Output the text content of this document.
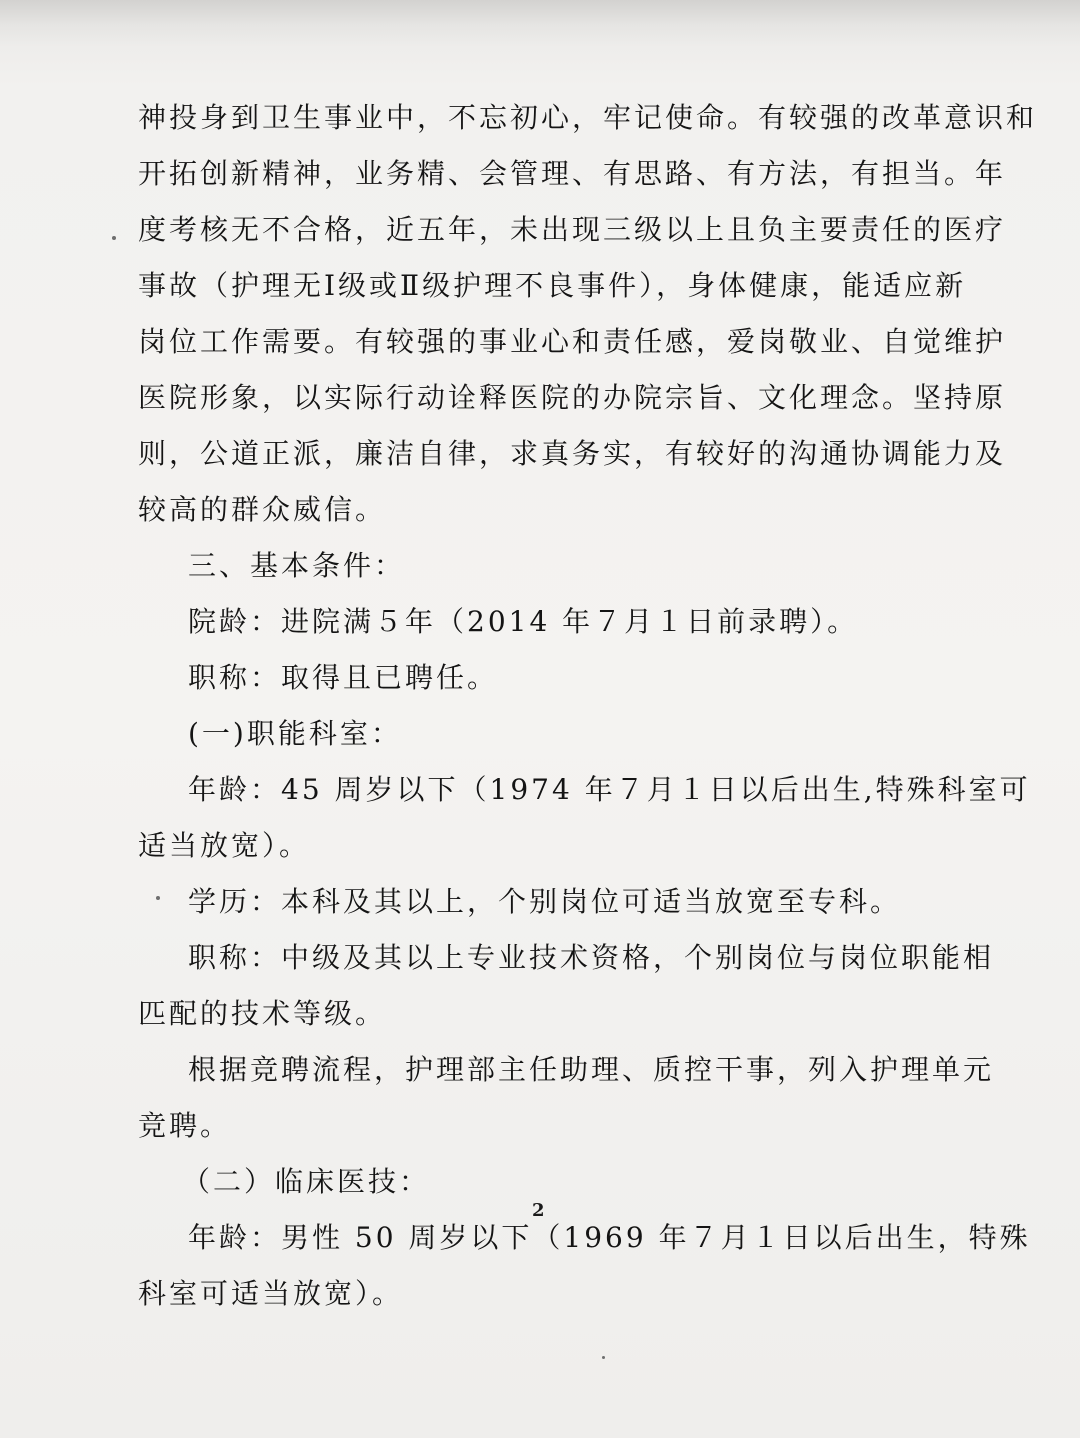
神投身到卫生事业中，不忘初心，牢记使命。有较强的改革意识和

开拓创新精神，业务精、会管理、有思路、有方法，有担当。年

度考核无不合格，近五年，未出现三级以上且负主要责任的医疗

事故（护理无Ⅰ级或Ⅱ级护理不良事件），身体健康，能适应新

岗位工作需要。有较强的事业心和责任感，爱岗敬业、自觉维护

医院形象，以实际行动诠释医院的办院宗旨、文化理念。坚持原

则，公道正派，廉洁自律，求真务实，有较好的沟通协调能力及

较高的群众威信。

三、基本条件：

院龄：进院满５年（2014 年７月１日前录聘）。

职称：取得且已聘任。

(一)职能科室：

年龄：45 周岁以下（1974 年７月１日以后出生,特殊科室可

适当放宽）。

学历：本科及其以上，个别岗位可适当放宽至专科。

职称：中级及其以上专业技术资格，个别岗位与岗位职能相

匹配的技术等级。

根据竞聘流程，护理部主任助理、质控干事，列入护理单元

竞聘。

（二）临床医技：

年龄：男性 50 周岁以下（1969 年７月１日以后出生，特殊

科室可适当放宽）。

2
